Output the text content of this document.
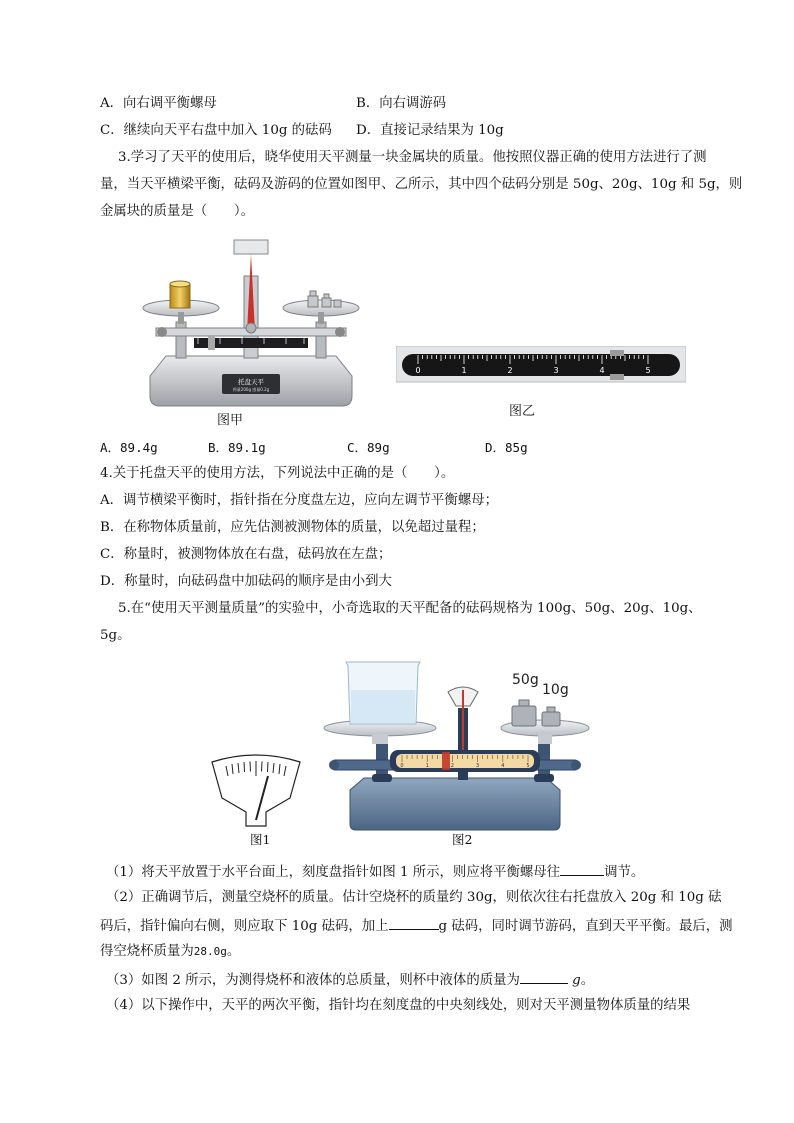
A．向右调平衡螺母	B．向右调游码
C．继续向天平右盘中加入 10g 的砝码 D．直接记录结果为 10g
3.学习了天平的使用后，晓华使用天平测量一块金属块的质量。他按照仪器正确的使用方法进行了测
量，当天平横梁平衡，砝码及游码的位置如图甲、乙所示，其中四个砝码分别是 50g、20g、10g 和 5g，则
金属块的质量是（　　）。
托盘天平
称量200g 感量0.2g
图甲
0	1	2	3	4	5
图乙
A．89.4g	B．89.1g	C．89g	D．85g
4.关于托盘天平的使用方法，下列说法中正确的是（　　）。
A．调节横梁平衡时，指针指在分度盘左边，应向左调节平衡螺母；
B．在称物体质量前，应先估测被测物体的质量，以免超过量程；
C．称量时，被测物体放在右盘，砝码放在左盘；
D．称量时，向砝码盘中加砝码的顺序是由小到大
5.在“使用天平测量质量”的实验中，小奇选取的天平配备的砝码规格为 100g、50g、20g、10g、
5g。
图1
50g
10g
0	1	2	3	4	5
图2
（1）将天平放置于水平台面上，刻度盘指针如图 1 所示，则应将平衡螺母往	调节。
（2）正确调节后，测量空烧杯的质量。估计空烧杯的质量约 30g，则依次往右托盘放入 20g 和 10g 砝
码后，指针偏向右侧，则应取下 10g 砝码，加上	g 砝码，同时调节游码，直到天平平衡。最后，测
得空烧杯质量为28.0g。
（3）如图 2 所示，为测得烧杯和液体的总质量，则杯中液体的质量为	g。
（4）以下操作中，天平的两次平衡，指针均在刻度盘的中央刻线处，则对天平测量物体质量的结果
